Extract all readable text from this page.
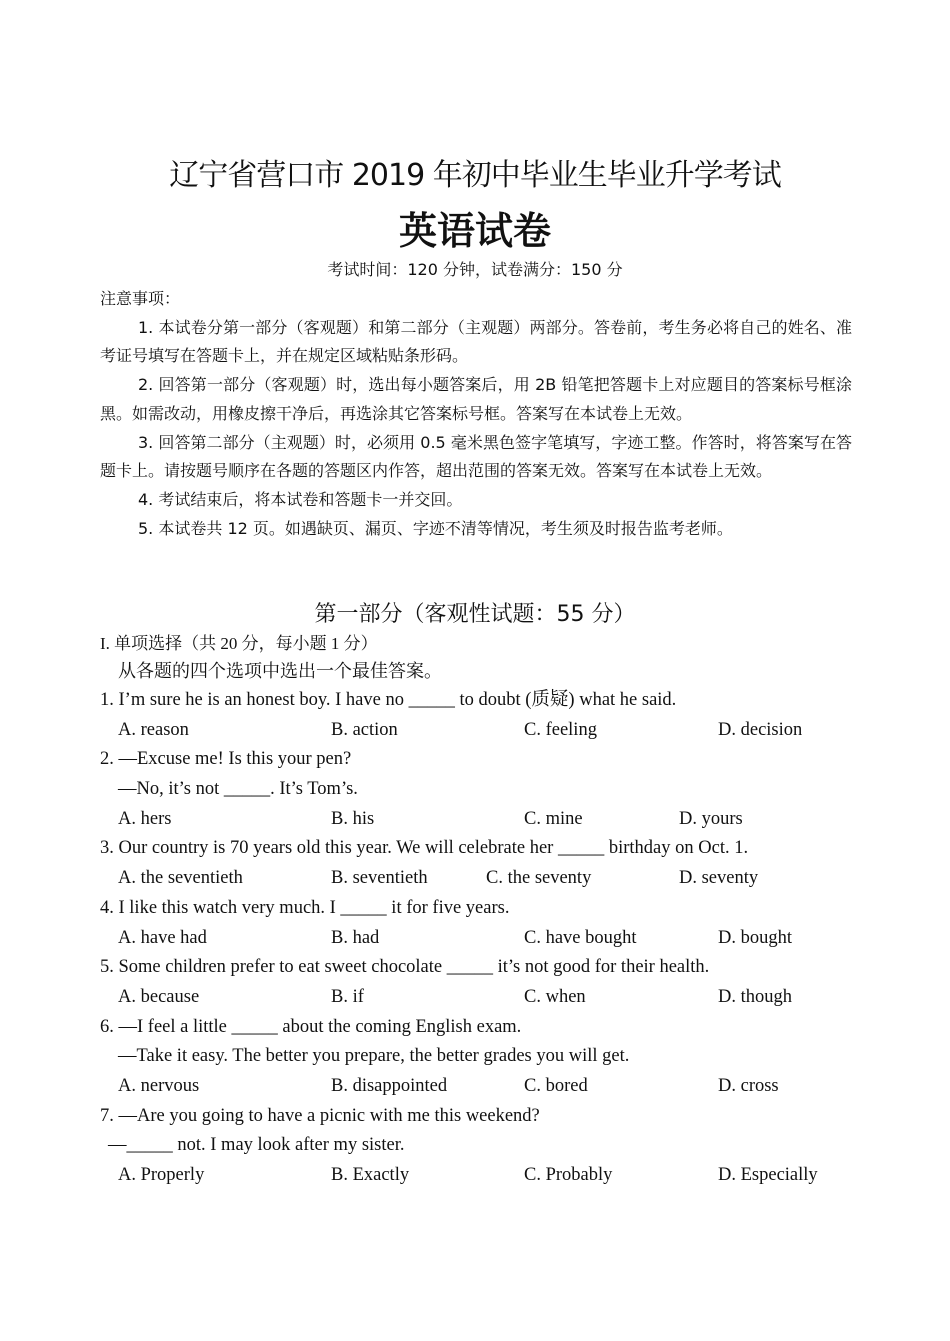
辽宁省营口市 2019 年初中毕业生毕业升学考试
英语试卷
考试时间：120 分钟，试卷满分：150 分

注意事项：

1. 本试卷分第一部分（客观题）和第二部分（主观题）两部分。答卷前，考生务必将自己的姓名、准考证号填写在答题卡上，并在规定区域粘贴条形码。

2. 回答第一部分（客观题）时，选出每小题答案后，用 2B 铅笔把答题卡上对应题目的答案标号框涂黑。如需改动，用橡皮擦干净后，再选涂其它答案标号框。答案写在本试卷上无效。

3. 回答第二部分（主观题）时，必须用 0.5 毫米黑色签字笔填写，字迹工整。作答时，将答案写在答题卡上。请按题号顺序在各题的答题区内作答，超出范围的答案无效。答案写在本试卷上无效。

4. 考试结束后，将本试卷和答题卡一并交回。

5. 本试卷共 12 页。如遇缺页、漏页、字迹不清等情况，考生须及时报告监考老师。

第一部分（客观性试题：55 分）
I. 单项选择（共 20 分，每小题 1 分）
从各题的四个选项中选出一个最佳答案。
1. I’m sure he is an honest boy. I have no _____ to doubt (质疑) what he said.
A. reason	B. action	C. feeling	D. decision
2. —Excuse me! Is this your pen?
—No, it’s not _____. It’s Tom’s.
A. hers	B. his	C. mine	D. yours
3. Our country is 70 years old this year. We will celebrate her _____ birthday on Oct. 1.
A. the seventieth	B. seventieth	C. the seventy	D. seventy
4. I like this watch very much. I _____ it for five years.
A. have had	B. had	C. have bought	D. bought
5. Some children prefer to eat sweet chocolate _____ it’s not good for their health.
A. because	B. if	C. when	D. though
6. —I feel a little _____ about the coming English exam.
—Take it easy. The better you prepare, the better grades you will get.
A. nervous	B. disappointed	C. bored	D. cross
7. —Are you going to have a picnic with me this weekend?
—_____ not. I may look after my sister.
A. Properly	B. Exactly	C. Probably	D. Especially
